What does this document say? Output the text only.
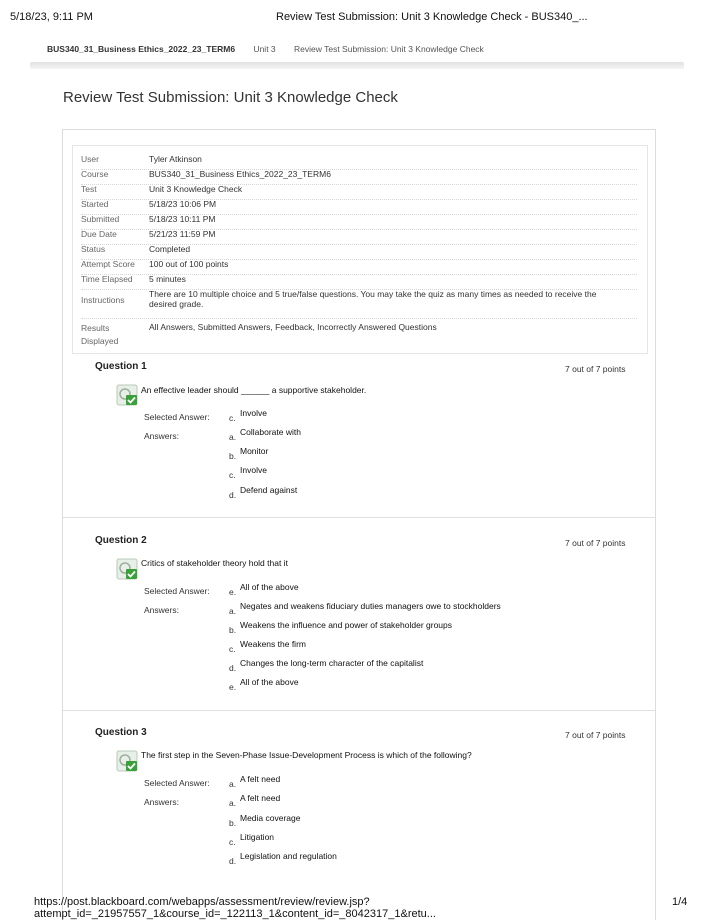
5/18/23, 9:11 PM	Review Test Submission: Unit 3 Knowledge Check - BUS340_...
BUS340_31_Business Ethics_2022_23_TERM6 Unit 3 Review Test Submission: Unit 3 Knowledge Check
Review Test Submission: Unit 3 Knowledge Check
User	Tyler Atkinson
Course	BUS340_31_Business Ethics_2022_23_TERM6
Test	Unit 3 Knowledge Check
Started	5/18/23 10:06 PM
Submitted	5/18/23 10:11 PM
Due Date	5/21/23 11:59 PM
Status	Completed
Attempt Score 100 out of 100 points
Time Elapsed 5 minutes
Instructions
There are 10 multiple choice and 5 true/false questions. You may take the quiz as many times as needed to receive the desired grade.
Results Displayed
All Answers, Submitted Answers, Feedback, Incorrectly Answered Questions
Question 1	7 out of 7 points
An effective leader should ______ a supportive stakeholder.
Selected Answer: c. Involve
Answers:	a. Collaborate with
b. Monitor
c. Involve
d. Defend against
Question 2	7 out of 7 points
Critics of stakeholder theory hold that it
Selected Answer: e. All of the above
Answers:	a. Negates and weakens fiduciary duties managers owe to stockholders
b. Weakens the influence and power of stakeholder groups
c. Weakens the firm
d. Changes the long-term character of the capitalist
e. All of the above
Question 3	7 out of 7 points
The first step in the Seven-Phase Issue-Development Process is which of the following?
Selected Answer: a. A felt need
Answers:	a. A felt need
b. Media coverage
c. Litigation
d. Legislation and regulation
https://post.blackboard.com/webapps/assessment/review/review.jsp?attempt_id=_21957557_1&course_id=_122113_1&content_id=_8042317_1&retu...
1/4
